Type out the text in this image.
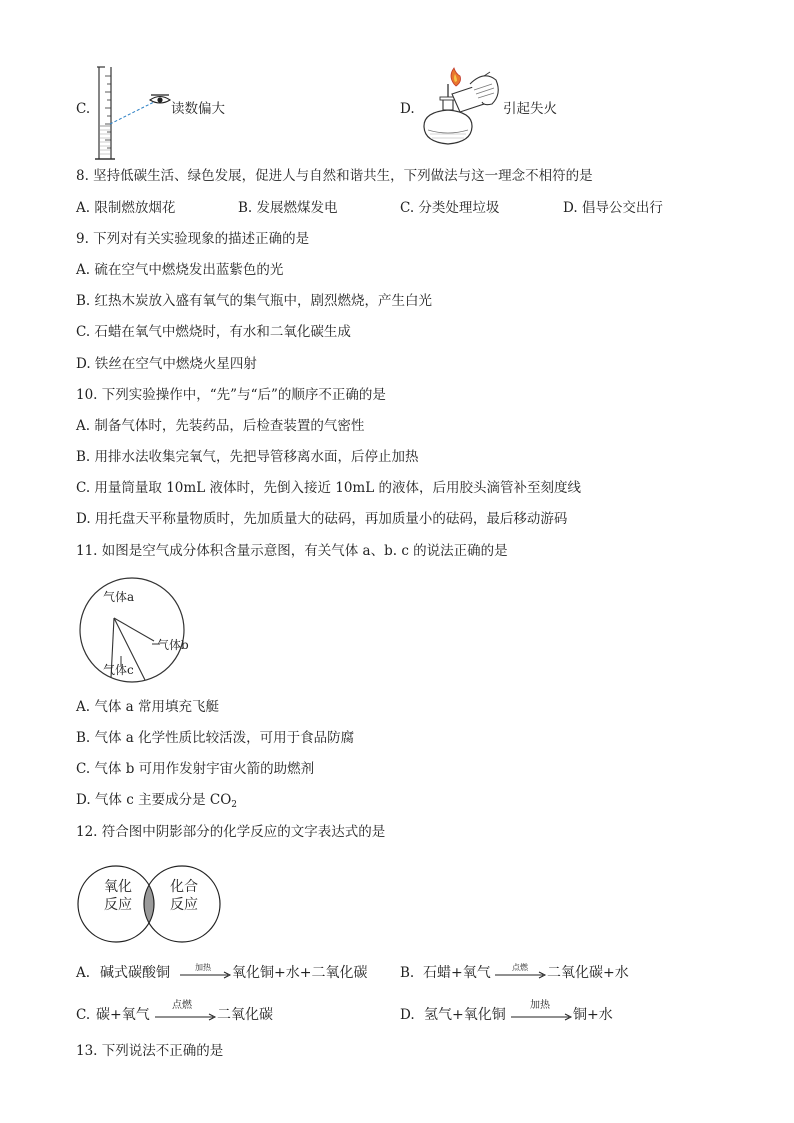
C.	读数偏大	D.	引起失火
8. 坚持低碳生活、绿色发展，促进人与自然和谐共生，下列做法与这一理念不相符的是
A. 限制燃放烟花	B. 发展燃煤发电	C. 分类处理垃圾	D. 倡导公交出行
9. 下列对有关实验现象的描述正确的是
A. 硫在空气中燃烧发出蓝紫色的光
B. 红热木炭放入盛有氧气的集气瓶中，剧烈燃烧，产生白光
C. 石蜡在氧气中燃烧时，有水和二氧化碳生成
D. 铁丝在空气中燃烧火星四射
10. 下列实验操作中，“先”与“后”的顺序不正确的是
A. 制备气体时，先装药品，后检查装置的气密性
B. 用排水法收集完氧气，先把导管移离水面，后停止加热
C. 用量筒量取 10mL 液体时，先倒入接近 10mL 的液体，后用胶头滴管补至刻度线
D. 用托盘天平称量物质时，先加质量大的砝码，再加质量小的砝码，最后移动游码
11. 如图是空气成分体积含量示意图，有关气体 a、b. c 的说法正确的是
气体a
气体b
气体c
A. 气体 a 常用填充飞艇
B. 气体 a 化学性质比较活泼，可用于食品防腐
C. 气体 b 可用作发射宇宙火箭的助燃剂
D. 气体 c 主要成分是 $CO_2$
12. 符合图中阴影部分的化学反应的文字表达式的是
氧化
反应
化合
反应
A. 碱式碳酸铜	加热 → 氧化铜+水+二氧化碳 B. 石蜡+氧气	点燃 → 二氧化碳+水
C. 碳+氧气
点燃
二氧化碳	D. 氢气+氧化铜
加热
铜+水
13. 下列说法不正确的是
